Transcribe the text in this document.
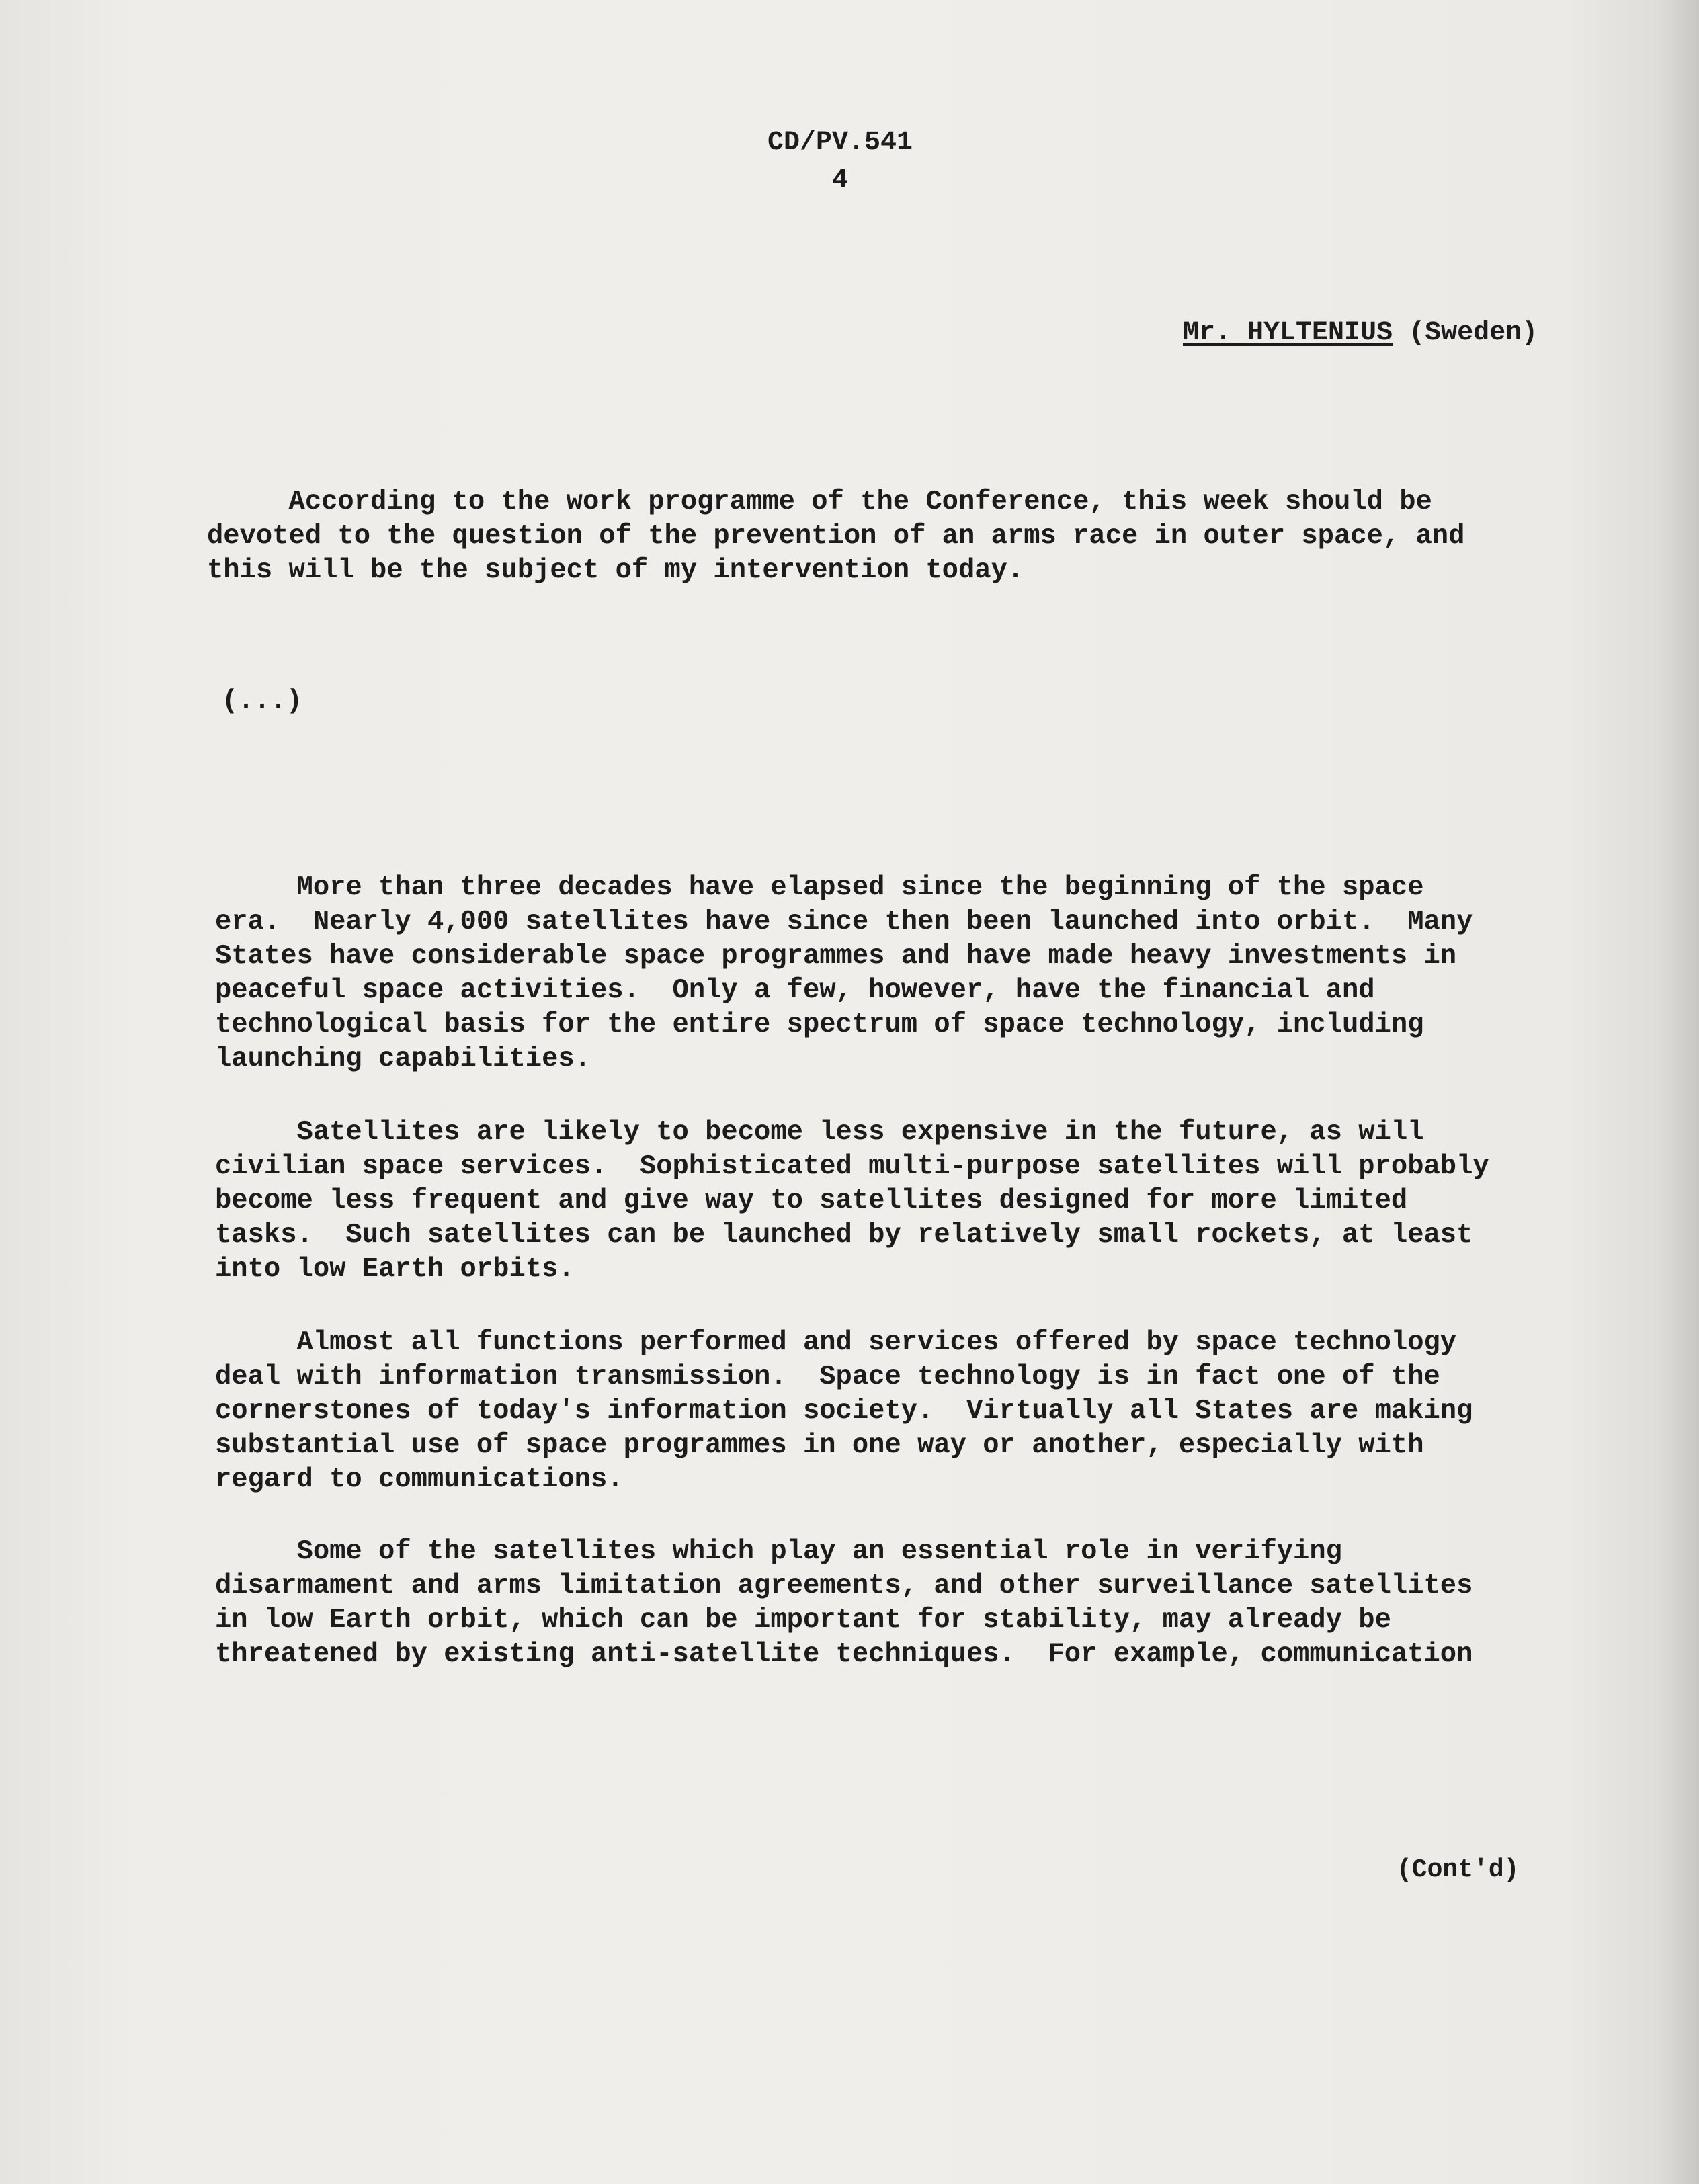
CD/PV.541
4
Mr. HYLTENIUS (Sweden)

According to the work programme of the Conference, this week should be
devoted to the question of the prevention of an arms race in outer space, and
this will be the subject of my intervention today.

(...)

More than three decades have elapsed since the beginning of the space
era.  Nearly 4,000 satellites have since then been launched into orbit.  Many
States have considerable space programmes and have made heavy investments in
peaceful space activities.  Only a few, however, have the financial and
technological basis for the entire spectrum of space technology, including
launching capabilities.

Satellites are likely to become less expensive in the future, as will
civilian space services.  Sophisticated multi-purpose satellites will probably
become less frequent and give way to satellites designed for more limited
tasks.  Such satellites can be launched by relatively small rockets, at least
into low Earth orbits.

Almost all functions performed and services offered by space technology
deal with information transmission.  Space technology is in fact one of the
cornerstones of today's information society.  Virtually all States are making
substantial use of space programmes in one way or another, especially with
regard to communications.

Some of the satellites which play an essential role in verifying
disarmament and arms limitation agreements, and other surveillance satellites
in low Earth orbit, which can be important for stability, may already be
threatened by existing anti-satellite techniques.  For example, communication

(Cont'd)
